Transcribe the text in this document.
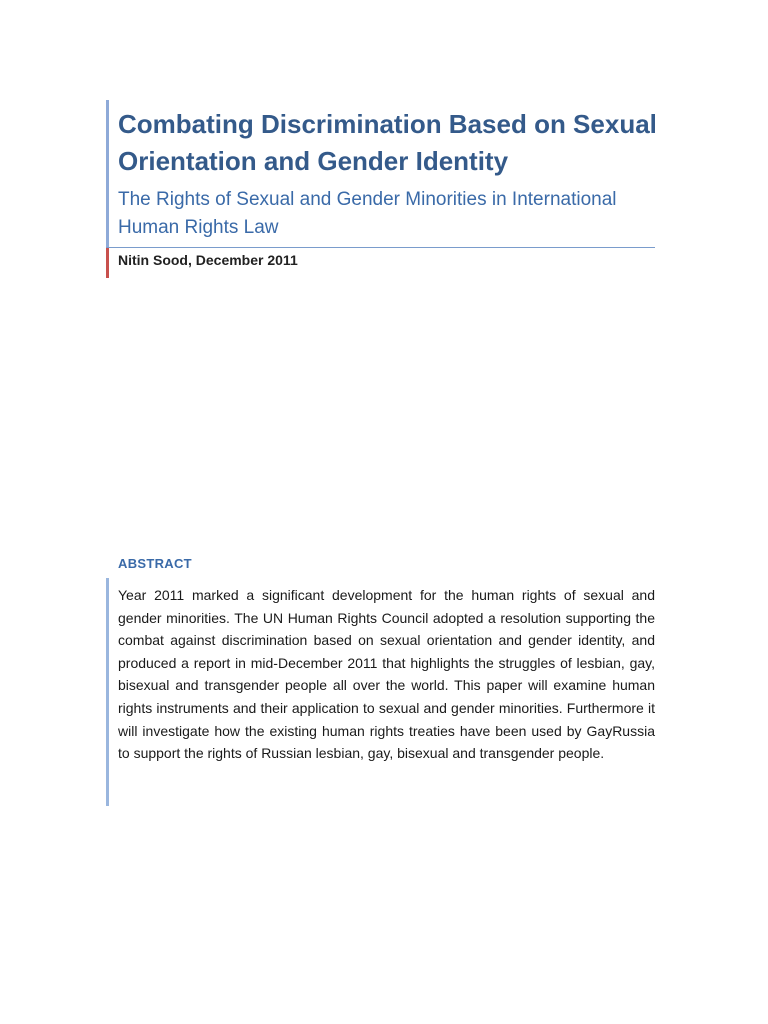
Combating Discrimination Based on Sexual Orientation and Gender Identity

The Rights of Sexual and Gender Minorities in International Human Rights Law

Nitin Sood, December 2011

ABSTRACT

Year 2011 marked a significant development for the human rights of sexual and gender minorities. The UN Human Rights Council adopted a resolution supporting the combat against discrimination based on sexual orientation and gender identity, and produced a report in mid-December 2011 that highlights the struggles of lesbian, gay, bisexual and transgender people all over the world. This paper will examine human rights instruments and their application to sexual and gender minorities. Furthermore it will investigate how the existing human rights treaties have been used by GayRussia to support the rights of Russian lesbian, gay, bisexual and transgender people.
